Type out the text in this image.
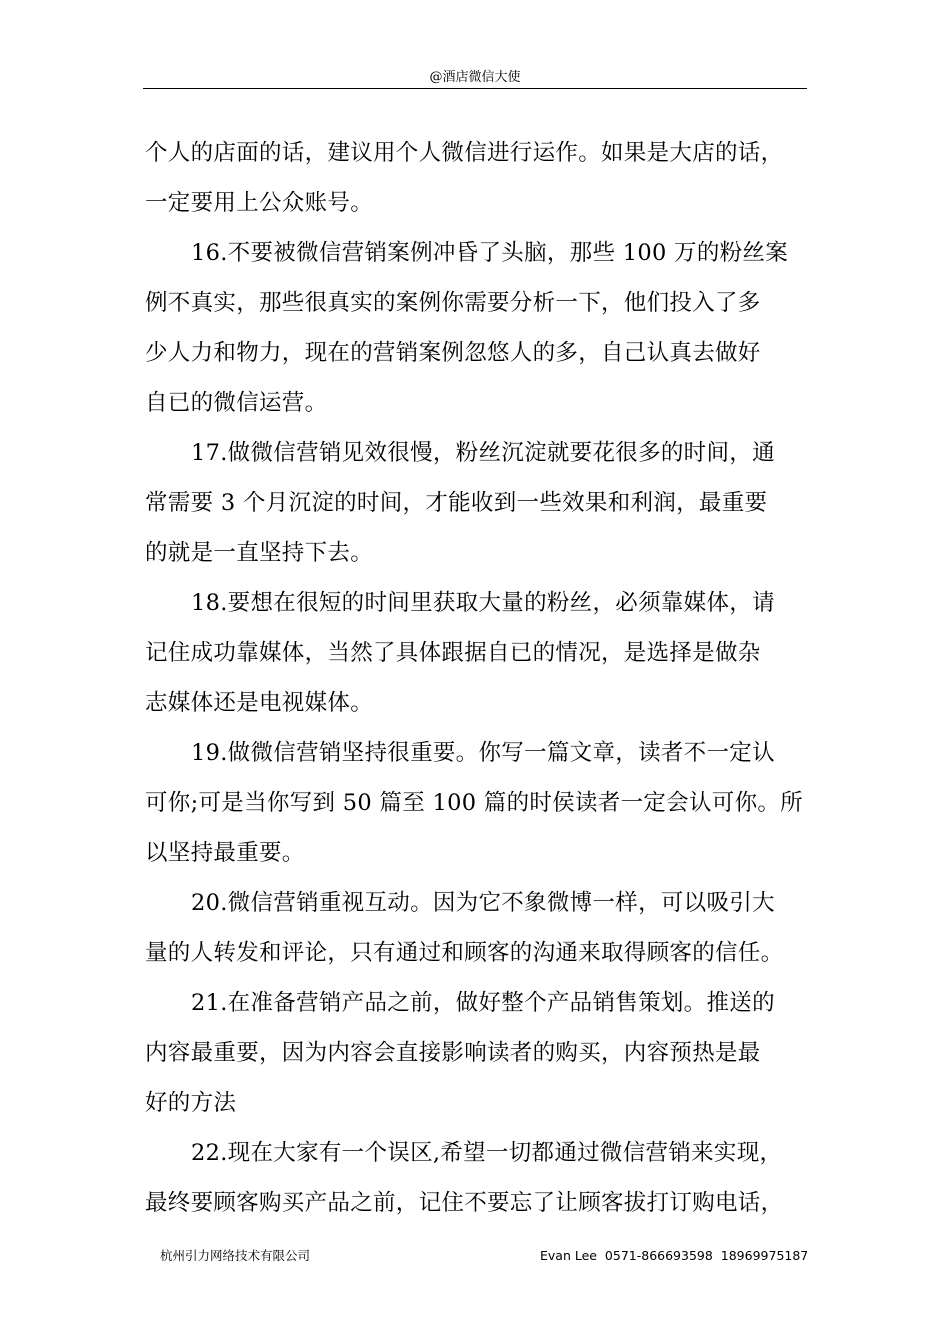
@酒店微信大使
个人的店面的话，建议用个人微信进行运作。如果是大店的话，
一定要用上公众账号。
16.不要被微信营销案例冲昏了头脑，那些 100 万的粉丝案
例不真实，那些很真实的案例你需要分析一下，他们投入了多
少人力和物力，现在的营销案例忽悠人的多，自己认真去做好
自已的微信运营。
17.做微信营销见效很慢，粉丝沉淀就要花很多的时间，通
常需要 3 个月沉淀的时间，才能收到一些效果和利润，最重要
的就是一直坚持下去。
18.要想在很短的时间里获取大量的粉丝，必须靠媒体，请
记住成功靠媒体，当然了具体跟据自已的情况，是选择是做杂
志媒体还是电视媒体。
19.做微信营销坚持很重要。你写一篇文章，读者不一定认
可你;可是当你写到 50 篇至 100 篇的时侯读者一定会认可你。所
以坚持最重要。
20.微信营销重视互动。因为它不象微博一样，可以吸引大
量的人转发和评论，只有通过和顾客的沟通来取得顾客的信任。
21.在准备营销产品之前，做好整个产品销售策划。推送的
内容最重要，因为内容会直接影响读者的购买，内容预热是最
好的方法
22.现在大家有一个误区,希望一切都通过微信营销来实现，
最终要顾客购买产品之前，记住不要忘了让顾客拔打订购电话，
杭州引力网络技术有限公司	Evan Lee  0571-866693598  18969975187
